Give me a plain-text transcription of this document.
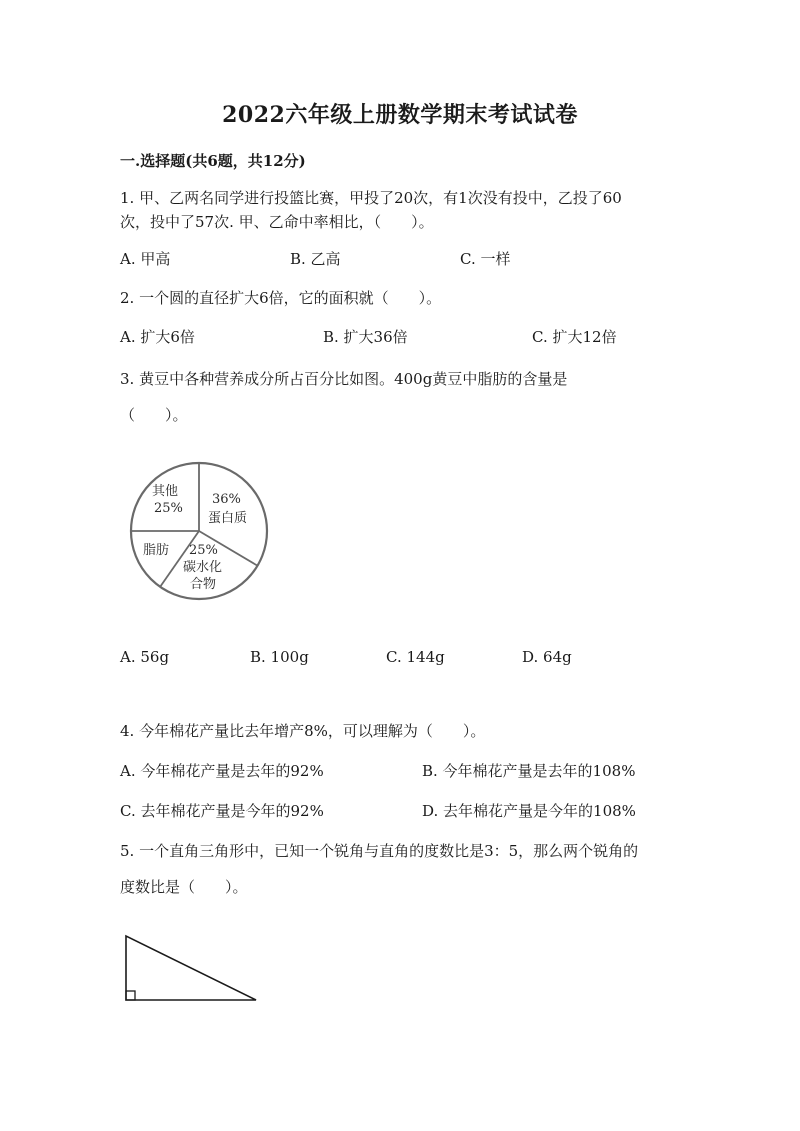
2022六年级上册数学期末考试试卷
一.选择题(共6题，共12分)
1. 甲、乙两名同学进行投篮比赛，甲投了20次，有1次没有投中，乙投了60
次，投中了57次. 甲、乙命中率相比，（　　）。
A. 甲高	B. 乙高	C. 一样
2. 一个圆的直径扩大6倍，它的面积就（　　）。
A. 扩大6倍	B. 扩大36倍	C. 扩大12倍
3. 黄豆中各种营养成分所占百分比如图。400g黄豆中脂肪的含量是
（　　）。
其他
25%
36%
蛋白质
脂肪 25%
碳水化
合物
A. 56g	B. 100g	C. 144g	D. 64g
4. 今年棉花产量比去年增产8%，可以理解为（　　）。
A. 今年棉花产量是去年的92%	B. 今年棉花产量是去年的108%
C. 去年棉花产量是今年的92%	D. 去年棉花产量是今年的108%
5. 一个直角三角形中，已知一个锐角与直角的度数比是3：5，那么两个锐角的
度数比是（　　）。
